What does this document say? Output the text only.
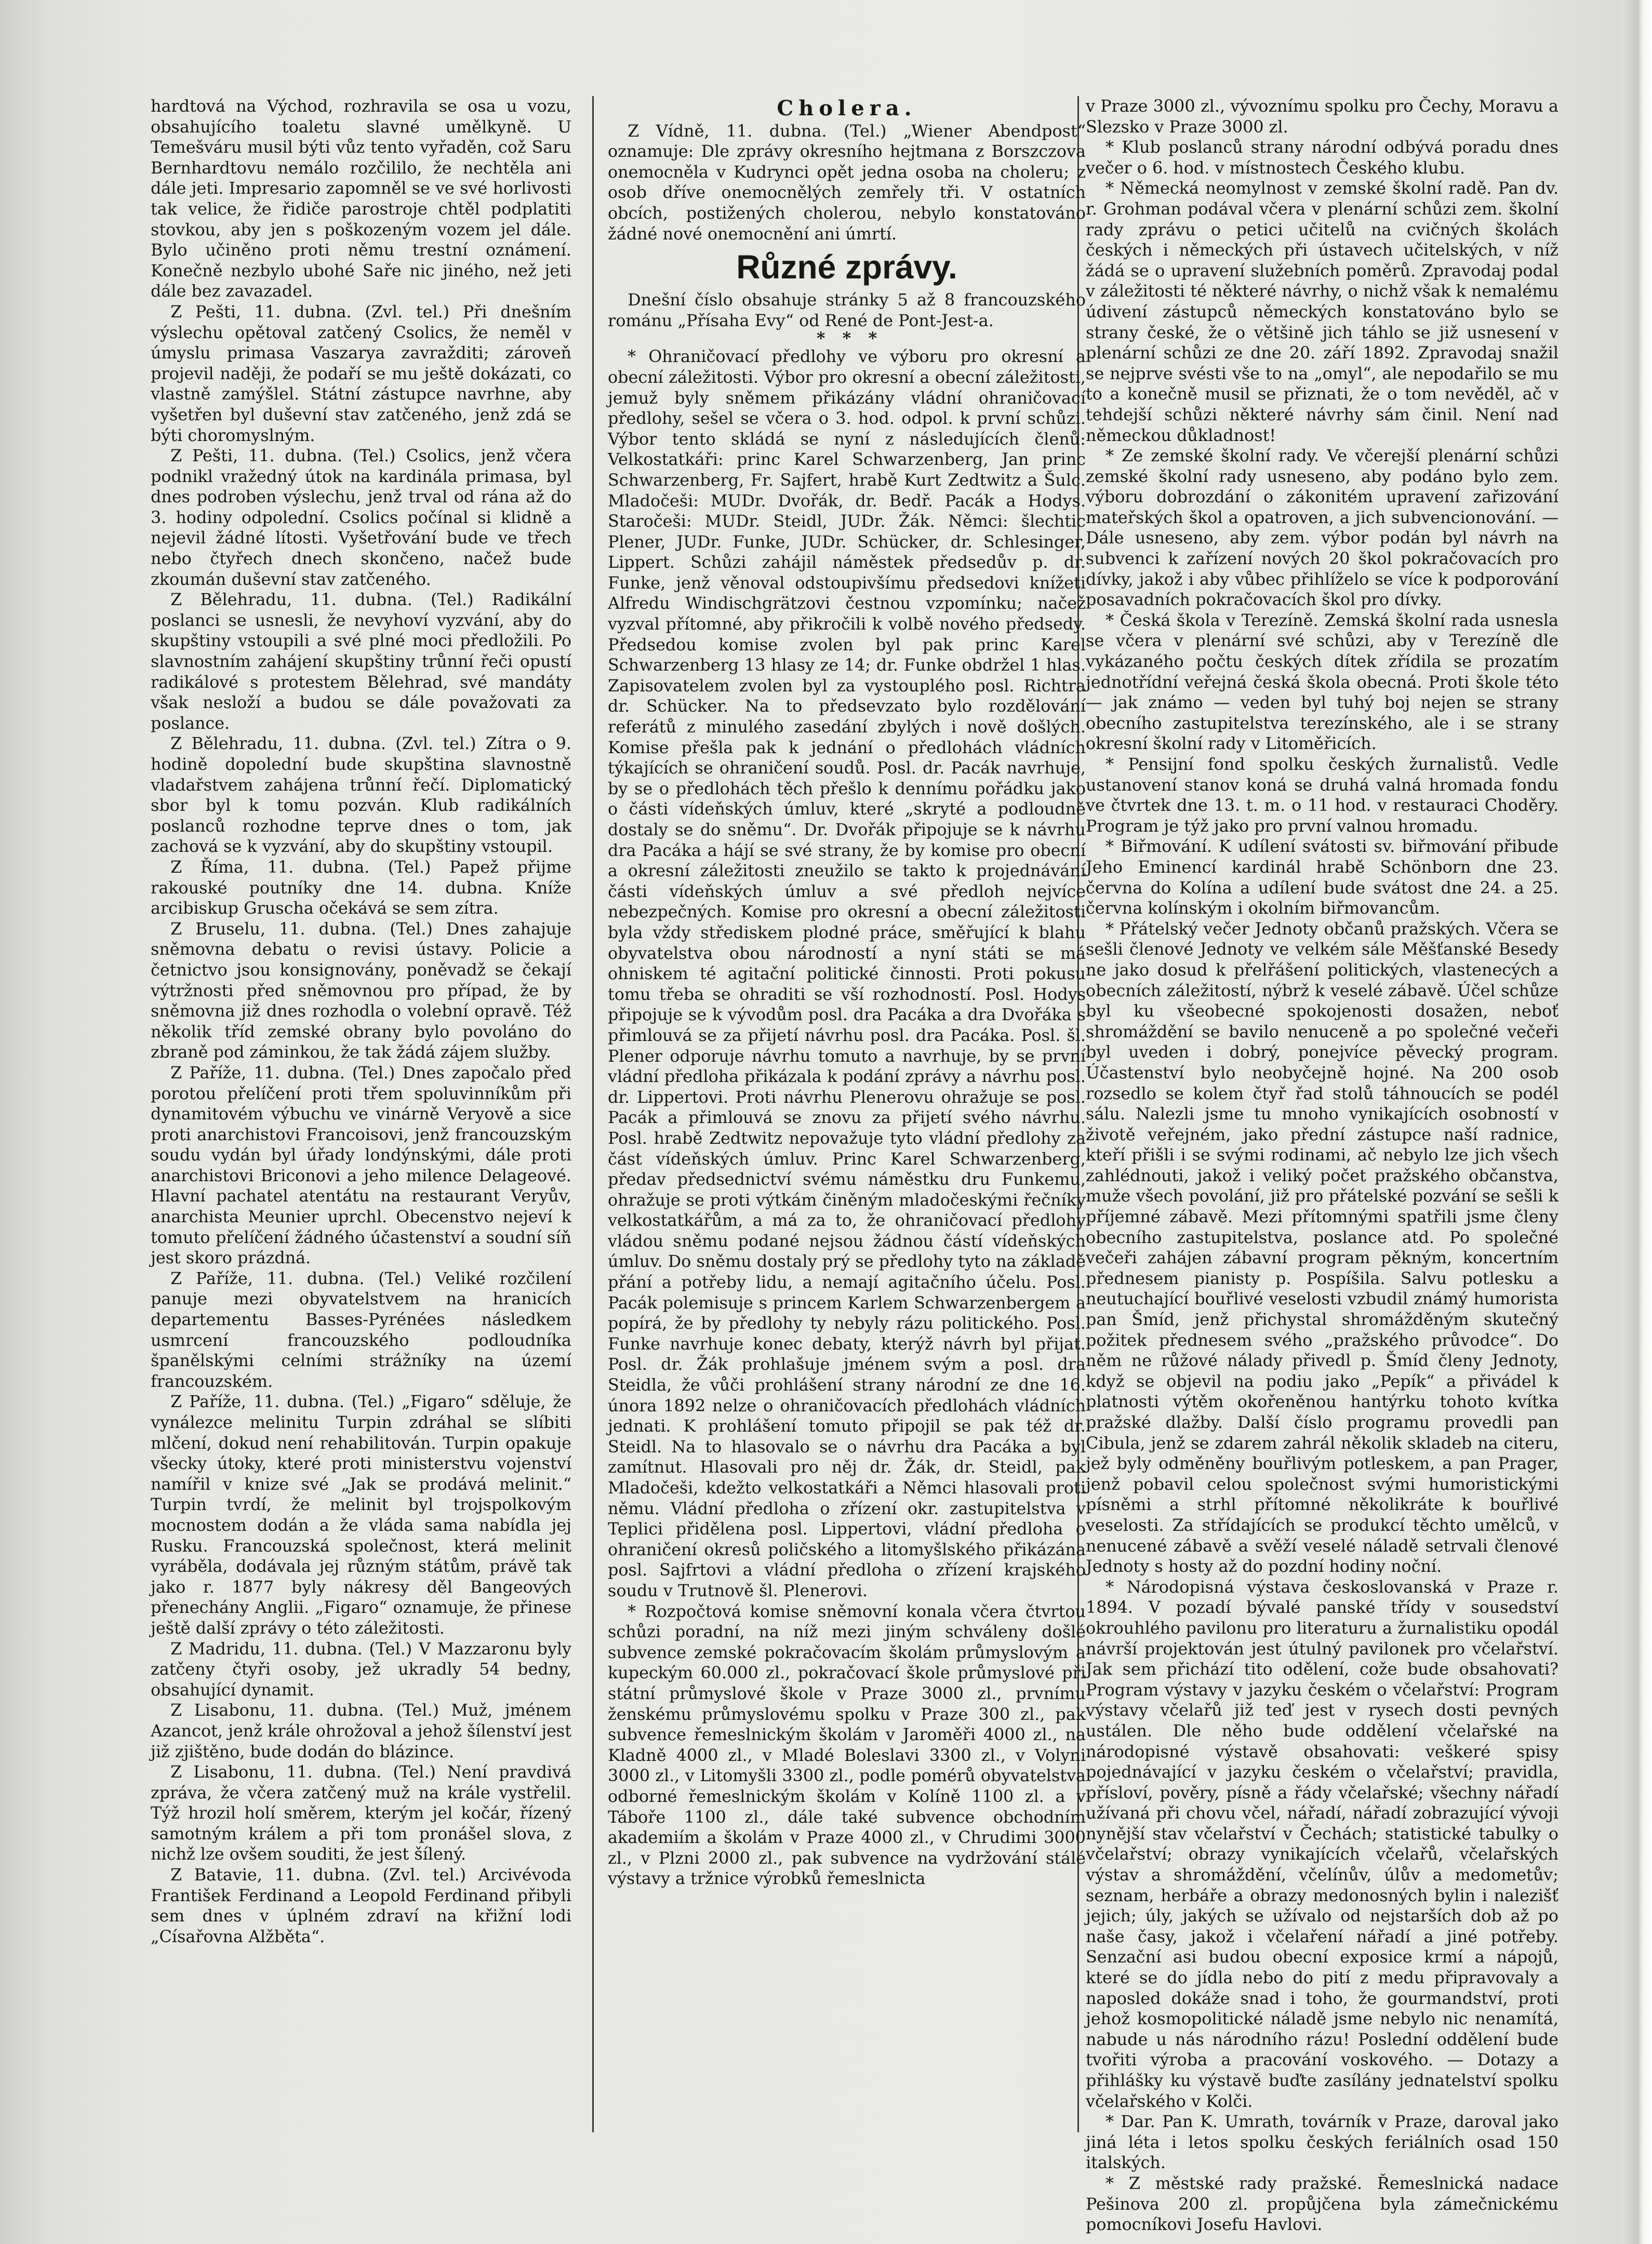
hardtová na Východ, rozhravila se osa u vozu, obsahujícího toaletu slavné umělkyně. U Temešváru musil býti vůz tento vyřaděn, což Saru Bernhardtovu nemálo rozčililo, že nechtěla ani dále jeti. Impresario zapomněl se ve své horlivosti tak velice, že řidiče parostroje chtěl podplatiti stovkou, aby jen s poškozeným vozem jel dále. Bylo učiněno proti němu trestní oznámení. Konečně nezbylo ubohé Saře nic jiného, než jeti dále bez zavazadel.

Z Pešti, 11. dubna. (Zvl. tel.) Při dnešním výslechu opětoval zatčený Csolics, že neměl v úmyslu primasa Vaszarya zavražditi; zároveň projevil naději, že podaří se mu ještě dokázati, co vlastně zamýšlel. Státní zástupce navrhne, aby vyšetřen byl duševní stav zatčeného, jenž zdá se býti choromyslným.

Z Pešti, 11. dubna. (Tel.) Csolics, jenž včera podnikl vražedný útok na kardinála primasa, byl dnes podroben výslechu, jenž trval od rána až do 3. hodiny odpolední. Csolics počínal si klidně a nejevil žádné lítosti. Vyšetřování bude ve třech nebo čtyřech dnech skončeno, načež bude zkoumán duševní stav zatčeného.

Z Bělehradu, 11. dubna. (Tel.) Radikální poslanci se usnesli, že nevyhoví vyzvání, aby do skupštiny vstoupili a své plné moci předložili. Po slavnostním zahájení skupštiny trůnní řeči opustí radikálové s protestem Bělehrad, své mandáty však nesloží a budou se dále považovati za poslance.

Z Bělehradu, 11. dubna. (Zvl. tel.) Zítra o 9. hodině dopolední bude skupština slavnostně vladařstvem zahájena trůnní řečí. Diplomatický sbor byl k tomu pozván. Klub radikálních poslanců rozhodne teprve dnes o tom, jak zachová se k vyzvání, aby do skupštiny vstoupil.

Z Říma, 11. dubna. (Tel.) Papež přijme rakouské poutníky dne 14. dubna. Kníže arcibiskup Gruscha očekává se sem zítra.

Z Bruselu, 11. dubna. (Tel.) Dnes zahajuje sněmovna debatu o revisi ústavy. Policie a četnictvo jsou konsignovány, poněvadž se čekají výtržnosti před sněmovnou pro případ, že by sněmovna již dnes rozhodla o volební opravě. Též několik tříd zemské obrany bylo povoláno do zbraně pod záminkou, že tak žádá zájem služby.

Z Paříže, 11. dubna. (Tel.) Dnes započalo před porotou přelíčení proti třem spoluvinníkům při dynamitovém výbuchu ve vinárně Veryově a sice proti anarchistovi Francoisovi, jenž francouzským soudu vydán byl úřady londýnskými, dále proti anarchistovi Briconovi a jeho milence Delageové. Hlavní pachatel atentátu na restaurant Veryův, anarchista Meunier uprchl. Obecenstvo nejeví k tomuto přelíčení žádného účastenství a soudní síň jest skoro prázdná.

Z Paříže, 11. dubna. (Tel.) Veliké rozčilení panuje mezi obyvatelstvem na hranicích departementu Basses-Pyrénées následkem usmrcení francouzského podloudníka španělskými celními strážníky na území francouzském.

Z Paříže, 11. dubna. (Tel.) „Figaro“ sděluje, že vynálezce melinitu Turpin zdráhal se slíbiti mlčení, dokud není rehabilitován. Turpin opakuje všecky útoky, které proti ministerstvu vojenství namířil v knize své „Jak se prodává melinit.“ Turpin tvrdí, že melinit byl trojspolkovým mocnostem dodán a že vláda sama nabídla jej Rusku. Francouzská společnost, která melinit vyráběla, dodávala jej různým státům, právě tak jako r. 1877 byly nákresy děl Bangeových přenechány Anglii. „Figaro“ oznamuje, že přinese ještě další zprávy o této záležitosti.

Z Madridu, 11. dubna. (Tel.) V Mazzaronu byly zatčeny čtyři osoby, jež ukradly 54 bedny, obsahující dynamit.

Z Lisabonu, 11. dubna. (Tel.) Muž, jménem Azancot, jenž krále ohrožoval a jehož šílenství jest již zjištěno, bude dodán do blázince.

Z Lisabonu, 11. dubna. (Tel.) Není pravdivá zpráva, že včera zatčený muž na krále vystřelil. Týž hrozil holí směrem, kterým jel kočár, řízený samotným králem a při tom pronášel slova, z nichž lze ovšem souditi, že jest šílený.

Z Batavie, 11. dubna. (Zvl. tel.) Arcivévoda František Ferdinand a Leopold Ferdinand přibyli sem dnes v úplném zdraví na křižní lodi „Císařovna Alžběta“.

Cholera.

Z Vídně, 11. dubna. (Tel.) „Wiener Abendpost“ oznamuje: Dle zprávy okresního hejtmana z Borszczova onemocněla v Kudrynci opět jedna osoba na choleru; z osob dříve onemocnělých zemřely tři. V ostatních obcích, postižených cholerou, nebylo konstatováno žádné nové onemocnění ani úmrtí.

Různé zprávy.

Dnešní číslo obsahuje stránky 5 až 8 francouzského románu „Přísaha Evy“ od René de Pont-Jest-a.

*   *   *

* Ohraničovací předlohy ve výboru pro okresní a obecní záležitosti. Výbor pro okresní a obecní záležitosti, jemuž byly sněmem přikázány vládní ohraničovací předlohy, sešel se včera o 3. hod. odpol. k první schůzi. Výbor tento skládá se nyní z následujících členů: Velkostatkáři: princ Karel Schwarzenberg, Jan princ Schwarzenberg, Fr. Sajfert, hrabě Kurt Zedtwitz a Šulc. Mladočeši: MUDr. Dvořák, dr. Bedř. Pacák a Hodys. Staročeši: MUDr. Steidl, JUDr. Žák. Němci: šlechtic Plener, JUDr. Funke, JUDr. Schücker, dr. Schlesinger, Lippert. Schůzi zahájil náměstek předsedův p. dr. Funke, jenž věnoval odstoupivšímu předsedovi knížeti Alfredu Windischgrätzovi čestnou vzpomínku; načež vyzval přítomné, aby přikročili k volbě nového předsedy. Předsedou komise zvolen byl pak princ Karel Schwarzenberg 13 hlasy ze 14; dr. Funke obdržel 1 hlas. Zapisovatelem zvolen byl za vystouplého posl. Richtra dr. Schücker. Na to předsevzato bylo rozdělování referátů z minulého zasedání zbylých i nově došlých. Komise přešla pak k jednání o předlohách vládních týkajících se ohraničení soudů. Posl. dr. Pacák navrhuje, by se o předlohách těch přešlo k dennímu pořádku jako o části vídeňských úmluv, které „skryté a podloudně dostaly se do sněmu“. Dr. Dvořák připojuje se k návrhu dra Pacáka a hájí se své strany, že by komise pro obecní a okresní záležitosti zneužilo se takto k projednávání části vídeňských úmluv a své předloh nejvíce nebezpečných. Komise pro okresní a obecní záležitosti byla vždy střediskem plodné práce, směřující k blahu obyvatelstva obou národností a nyní státi se má ohniskem té agitační politické činnosti. Proti pokusu tomu třeba se ohraditi se vší rozhodností. Posl. Hodys připojuje se k vývodům posl. dra Pacáka a dra Dvořáka s přimlouvá se za přijetí návrhu posl. dra Pacáka. Posl. šl. Plener odporuje návrhu tomuto a navrhuje, by se první vládní předloha přikázala k podání zprávy a návrhu posl. dr. Lippertovi. Proti návrhu Plenerovu ohražuje se posl. Pacák a přimlouvá se znovu za přijetí svého návrhu. Posl. hrabě Zedtwitz nepovažuje tyto vládní předlohy za část vídeňských úmluv. Princ Karel Schwarzenberg, předav předsednictví svému náměstku dru Funkemu, ohražuje se proti výtkám činěným mladočeskými řečníky velkostatkářům, a má za to, že ohraničovací předlohy vládou sněmu podané nejsou žádnou částí vídeňských úmluv. Do sněmu dostaly prý se předlohy tyto na základě přání a potřeby lidu, a nemají agitačního účelu. Posl. Pacák polemisuje s princem Karlem Schwarzenbergem a popírá, že by předlohy ty nebyly rázu politického. Posl. Funke navrhuje konec debaty, kterýž návrh byl přijat. Posl. dr. Žák prohlašuje jménem svým a posl. dra Steidla, že vůči prohlášení strany národní ze dne 16. února 1892 nelze o ohraničovacích předlohách vládních jednati. K prohlášení tomuto připojil se pak též dr. Steidl. Na to hlasovalo se o návrhu dra Pacáka a byl zamítnut. Hlasovali pro něj dr. Žák, dr. Steidl, pak Mladočeši, kdežto velkostatkáři a Němci hlasovali proti němu. Vládní předloha o zřízení okr. zastupitelstva v Teplici přidělena posl. Lippertovi, vládní předloha o ohraničení okresů poličského a litomyšlského přikázána posl. Sajfrtovi a vládní předloha o zřízení krajského soudu v Trutnově šl. Plenerovi.

* Rozpočtová komise sněmovní konala včera čtvrtou schůzi poradní, na níž mezi jiným schváleny došlé subvence zemské pokračovacím školám průmyslovým a kupeckým 60.000 zl., pokračovací škole průmyslové při státní průmyslové škole v Praze 3000 zl., prvnímu ženskému průmyslovému spolku v Praze 300 zl., pak subvence řemeslnickým školám v Jaroměři 4000 zl., na Kladně 4000 zl., v Mladé Boleslavi 3300 zl., v Volyni 3000 zl., v Litomyšli 3300 zl., podle pomérů obyvatelstva odborné řemeslnickým školám v Kolíně 1100 zl. a v Táboře 1100 zl., dále také subvence obchodním akademiím a školám v Praze 4000 zl., v Chrudimi 3000 zl., v Plzni 2000 zl., pak subvence na vydržování stálé výstavy a tržnice výrobků řemeslnicta

v Praze 3000 zl., vývoznímu spolku pro Čechy, Moravu a Slezsko v Praze 3000 zl.

* Klub poslanců strany národní odbývá poradu dnes večer o 6. hod. v místnostech Českého klubu.

* Německá neomylnost v zemské školní radě. Pan dv. r. Grohman podával včera v plenární schůzi zem. školní rady zprávu o petici učitelů na cvičných školách českých i německých při ústavech učitelských, v níž žádá se o upravení služebních poměrů. Zpravodaj podal v záležitosti té některé návrhy, o nichž však k nemalému údivení zástupců německých konstatováno bylo se strany české, že o většině jich táhlo se již usnesení v plenární schůzi ze dne 20. září 1892. Zpravodaj snažil se nejprve svésti vše to na „omyl“, ale nepodařilo se mu to a konečně musil se přiznati, že o tom nevěděl, ač v tehdejší schůzi některé návrhy sám činil. Není nad německou důkladnost!

* Ze zemské školní rady. Ve včerejší plenární schůzi zemské školní rady usneseno, aby podáno bylo zem. výboru dobrozdání o zákonitém upravení zařizování mateřských škol a opatroven, a jich subvencionování. — Dále usneseno, aby zem. výbor podán byl návrh na subvenci k zařízení nových 20 škol pokračovacích pro dívky, jakož i aby vůbec přihlíželo se více k podporování posavadních pokračovacích škol pro dívky.

* Česká škola v Terezíně. Zemská školní rada usnesla se včera v plenární své schůzi, aby v Terezíně dle vykázaného počtu českých dítek zřídila se prozatím jednotřídní veřejná česká škola obecná. Proti škole této — jak známo — veden byl tuhý boj nejen se strany obecního zastupitelstva terezínského, ale i se strany okresní školní rady v Litoměřicích.

* Pensijní fond spolku českých žurnalistů. Vedle ustanovení stanov koná se druhá valná hromada fondu ve čtvrtek dne 13. t. m. o 11 hod. v restauraci Choděry. Program je týž jako pro první valnou hromadu.

* Biřmování. K udílení svátosti sv. biřmování přibude Jeho Eminencí kardinál hrabě Schönborn dne 23. června do Kolína a udílení bude svátost dne 24. a 25. června kolínským i okolním biřmovancům.

* Přátelský večer Jednoty občanů pražských. Včera se sešli členové Jednoty ve velkém sále Měšťanské Besedy ne jako dosud k přelřášení politických, vlastenecých a obecních záležitostí, nýbrž k veselé zábavě. Účel schůze byl ku všeobecné spokojenosti dosažen, neboť shromáždění se bavilo nenuceně a po společné večeři byl uveden i dobrý, ponejvíce pěvecký program. Účastenství bylo neobyčejně hojné. Na 200 osob rozsedlo se kolem čtyř řad stolů táhnoucích se podél sálu. Nalezli jsme tu mnoho vynikajících osobností v životě veřejném, jako přední zástupce naší radnice, kteří přišli i se svými rodinami, ač nebylo lze jich všech zahlédnouti, jakož i veliký počet pražského občanstva, muže všech povolání, již pro přátelské pozvání se sešli k příjemné zábavě. Mezi přítomnými spatřili jsme členy obecního zastupitelstva, poslance atd. Po společné večeři zahájen zábavní program pěkným, koncertním přednesem pianisty p. Pospíšila. Salvu potlesku a neutuchající bouřlivé veselosti vzbudil známý humorista pan Šmíd, jenž přichystal shromážděným skutečný požitek přednesem svého „pražského průvodce“. Do něm ne růžové nálady přivedl p. Šmíd členy Jednoty, když se objevil na podiu jako „Pepík“ a přivádel k platnosti výtěm okořeněnou hantýrku tohoto kvítka pražské dlažby. Další číslo programu provedli pan Cibula, jenž se zdarem zahrál několik skladeb na citeru, jež byly odměněny bouřlivým potleskem, a pan Prager, jenž pobavil celou společnost svými humoristickými písněmi a strhl přítomné několikráte k bouřlivé veselosti. Za střídajících se produkcí těchto umělců, v nenucené zábavě a svěží veselé náladě setrvali členové Jednoty s hosty až do pozdní hodiny noční.

* Národopisná výstava českoslovanská v Praze r. 1894. V pozadí bývalé panské třídy v sousedství okrouhlého pavilonu pro literaturu a žurnalistiku opodál návrší projektován jest útulný pavilonek pro včelařství. Jak sem přichází tito odělení, cože bude obsahovati? Program výstavy v jazyku českém o včelařství: Program výstavy včelařů již teď jest v rysech dosti pevných ustálen. Dle něho bude oddělení včelařské na národopisné výstavě obsahovati: veškeré spisy pojednávající v jazyku českém o včelařství; pravidla, přísloví, pověry, písně a řády včelařské; všechny nářadí užívaná při chovu včel, nářadí, nářadí zobrazující vývoji nynější stav včelařství v Čechách; statistické tabulky o včelařství; obrazy vynikajících včelařů, včelařských výstav a shromáždění, včelínův, úlův a medometův; seznam, herbáře a obrazy medonosných bylin i nalezišť jejich; úly, jakých se užívalo od nejstarších dob až po naše časy, jakož i včelaření nářadí a jiné potřeby. Senzační asi budou obecní exposice krmí a nápojů, které se do jídla nebo do pití z medu připravovaly a naposled dokáže snad i toho, že gourmandství, proti jehož kosmopolitické náladě jsme nebylo nic nenamítá, nabude u nás národního rázu! Poslední oddělení bude tvořiti výroba a pracování voskového. — Dotazy a přihlášky ku výstavě buďte zasílány jednatelství spolku včelařského v Kolči.

* Dar. Pan K. Umrath, továrník v Praze, daroval jako jiná léta i letos spolku českých feriálních osad 150 italských.

* Z městské rady pražské. Řemeslnická nadace Pešinova 200 zl. propůjčena byla zámečnickému pomocníkovi Josefu Havlovi.
